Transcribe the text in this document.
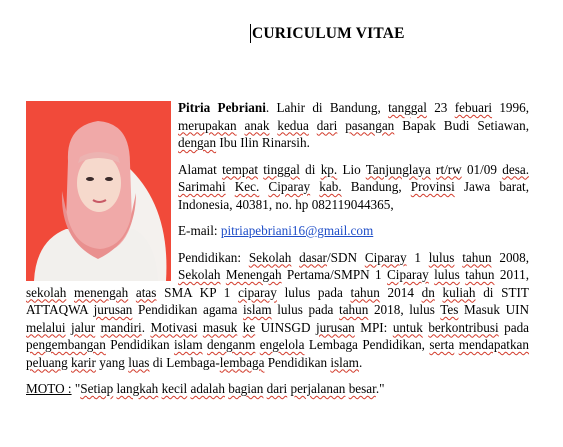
CURICULUM VITAE

Pitria Pebriani. Lahir di Bandung, tanggal 23 febuari 1996, merupakan anak kedua dari pasangan Bapak Budi Setiawan, dengan Ibu Ilin Rinarsih.

Alamat tempat tinggal di kp. Lio Tanjunglaya rt/rw 01/09 desa. Sarimahi Kec. Ciparay kab. Bandung, Provinsi Jawa barat, Indonesia, 40381, no. hp 082119044365,

E-mail: pitriapebriani16@gmail.com

Pendidikan: Sekolah dasar/SDN Ciparay 1 lulus tahun 2008, Sekolah Menengah Pertama/SMPN 1 Ciparay lulus tahun 2011, sekolah menengah atas SMA KP 1 ciparay lulus pada tahun 2014 dn kuliah di STIT ATTAQWA jurusan Pendidikan agama islam lulus pada tahun 2018, lulus Tes Masuk UIN melalui jalur mandiri. Motivasi masuk ke UINSGD jurusan MPI: untuk berkontribusi pada pengembangan Pendidikan islam denganm engelola Lembaga Pendidikan, serta mendapatkan peluang karir yang luas di Lembaga-lembaga Pendidikan islam.

MOTO : "Setiap langkah kecil adalah bagian dari perjalanan besar."
